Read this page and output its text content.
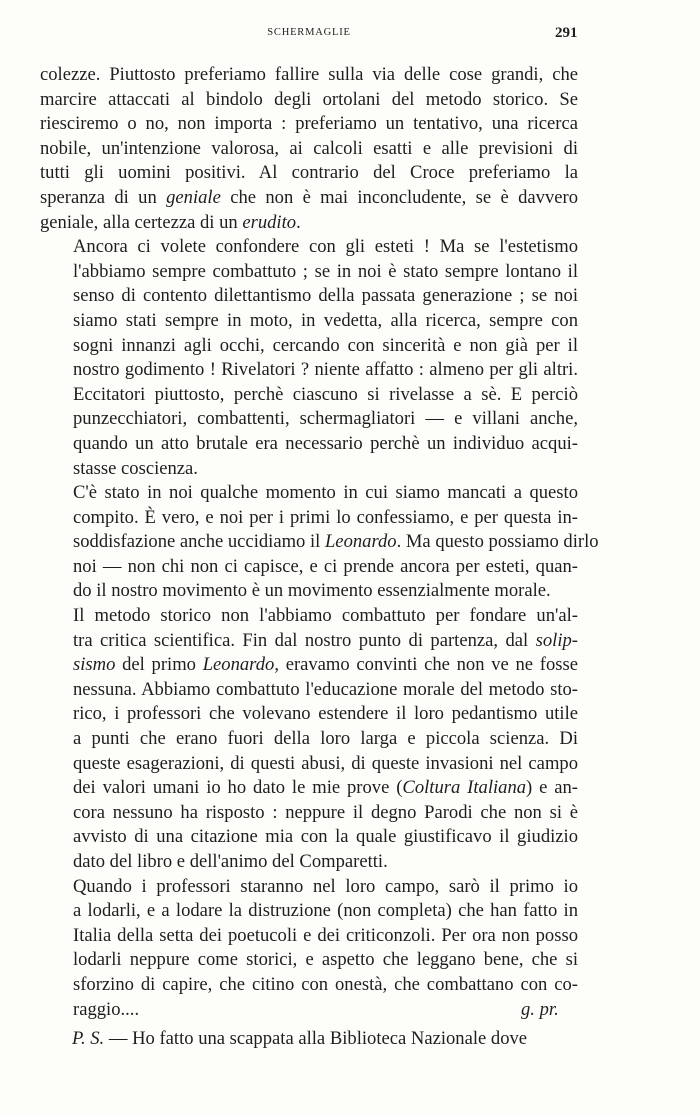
SCHERMAGLIE	291

colezze. Piuttosto preferiamo fallire sulla via delle cose grandi, che
marcire attaccati al bindolo degli ortolani del metodo storico. Se
riesciremo o no, non importa : preferiamo un tentativo, una ricerca
nobile, un'intenzione valorosa, ai calcoli esatti e alle previsioni di
tutti gli uomini positivi. Al contrario del Croce preferiamo la
speranza di un geniale che non è mai inconcludente, se è davvero
geniale, alla certezza di un erudito.

Ancora ci volete confondere con gli esteti ! Ma se l'estetismo
l'abbiamo sempre combattuto ; se in noi è stato sempre lontano il
senso di contento dilettantismo della passata generazione ; se noi
siamo stati sempre in moto, in vedetta, alla ricerca, sempre con
sogni innanzi agli occhi, cercando con sincerità e non già per il
nostro godimento ! Rivelatori ? niente affatto : almeno per gli altri.
Eccitatori piuttosto, perchè ciascuno si rivelasse a sè. E perciò
punzecchiatori, combattenti, schermagliatori — e villani anche,
quando un atto brutale era necessario perchè un individuo acqui-
stasse coscienza.

C'è stato in noi qualche momento in cui siamo mancati a questo
compito. È vero, e noi per i primi lo confessiamo, e per questa in-
soddisfazione anche uccidiamo il Leonardo. Ma questo possiamo dirlo
noi — non chi non ci capisce, e ci prende ancora per esteti, quan-
do il nostro movimento è un movimento essenzialmente morale.

Il metodo storico non l'abbiamo combattuto per fondare un'al-
tra critica scientifica. Fin dal nostro punto di partenza, dal solip-
sismo del primo Leonardo, eravamo convinti che non ve ne fosse
nessuna. Abbiamo combattuto l'educazione morale del metodo sto-
rico, i professori che volevano estendere il loro pedantismo utile
a punti che erano fuori della loro larga e piccola scienza. Di
queste esagerazioni, di questi abusi, di queste invasioni nel campo
dei valori umani io ho dato le mie prove (Coltura Italiana) e an-
cora nessuno ha risposto : neppure il degno Parodi che non si è
avvisto di una citazione mia con la quale giustificavo il giudizio
dato del libro e dell'animo del Comparetti.

Quando i professori staranno nel loro campo, sarò il primo io
a lodarli, e a lodare la distruzione (non completa) che han fatto in
Italia della setta dei poetucoli e dei criticonzoli. Per ora non posso
lodarli neppure come storici, e aspetto che leggano bene, che si
sforzino di capire, che citino con onestà, che combattano con co-
raggio....	g. pr.

P. S. — Ho fatto una scappata alla Biblioteca Nazionale dove
